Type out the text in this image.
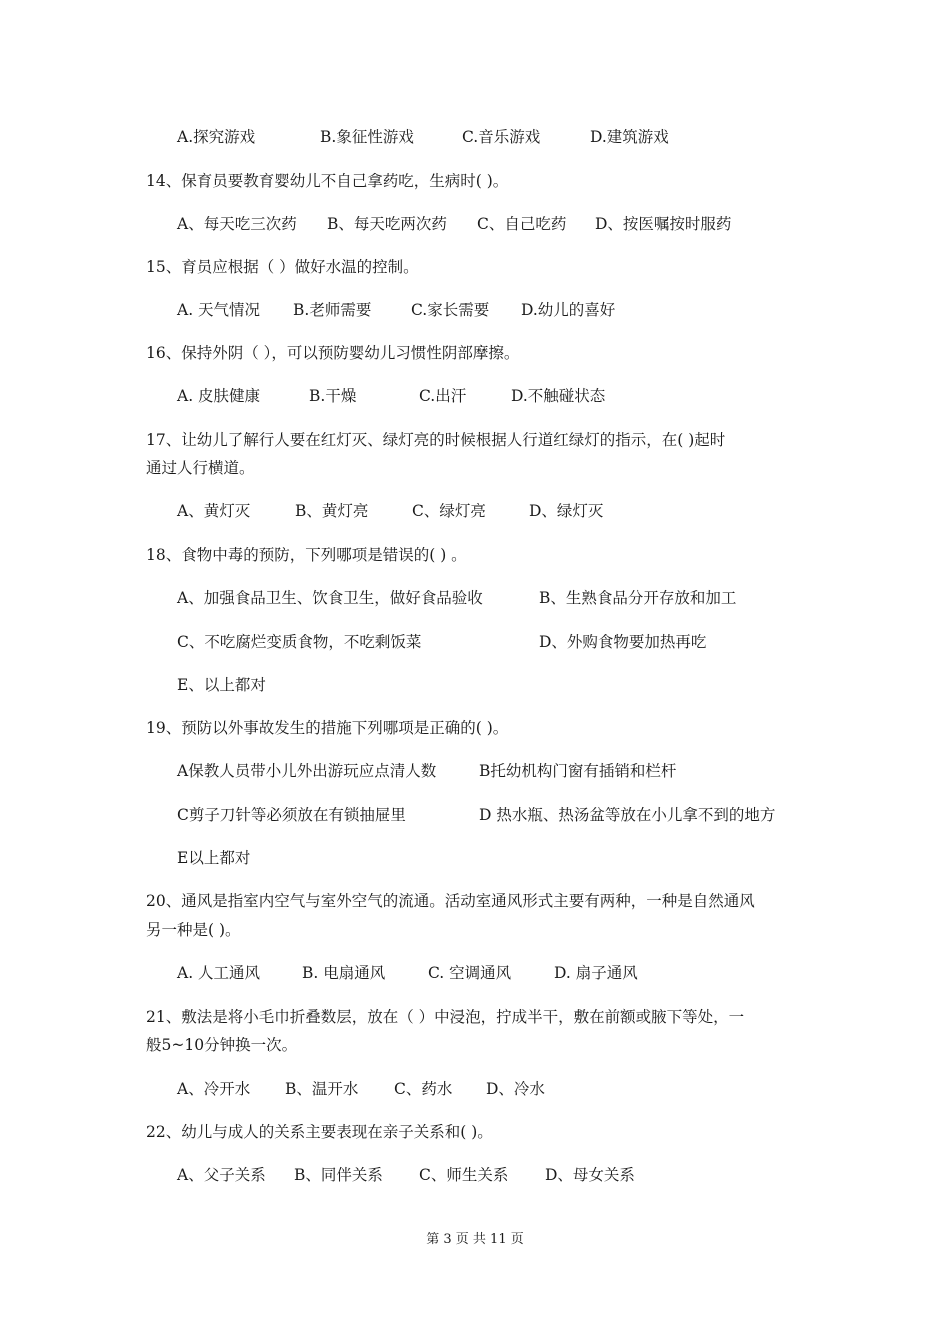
A.探究游戏	B.象征性游戏	C.音乐游戏	D.建筑游戏
14、保育员要教育婴幼儿不自己拿药吃，生病时( )。
A、每天吃三次药 B、每天吃两次药 C、自己吃药 D、按医嘱按时服药
15、育员应根据（ ）做好水温的控制。
A. 天气情况 B.老师需要	C.家长需要 D.幼儿的喜好
16、保持外阴（ ），可以预防婴幼儿习惯性阴部摩擦。
A. 皮肤健康	B.干燥	C.出汗	D.不触碰状态
17、让幼儿了解行人要在红灯灭、绿灯亮的时候根据人行道红绿灯的指示，在( )起时
通过人行横道。
A、黄灯灭	B、黄灯亮	C、绿灯亮	D、绿灯灭
18、食物中毒的预防，下列哪项是错误的( ) 。
A、加强食品卫生、饮食卫生，做好食品验收	B、生熟食品分开存放和加工
C、不吃腐烂变质食物，不吃剩饭菜	D、外购食物要加热再吃
E、以上都对
19、预防以外事故发生的措施下列哪项是正确的( )。
A保教人员带小儿外出游玩应点清人数	B托幼机构门窗有插销和栏杆
C剪子刀针等必须放在有锁抽屉里	D 热水瓶、热汤盆等放在小儿拿不到的地方
E以上都对
20、通风是指室内空气与室外空气的流通。活动室通风形式主要有两种，一种是自然通风
另一种是( )。
A. 人工通风	B. 电扇通风	C. 空调通风	D. 扇子通风
21、敷法是将小毛巾折叠数层，放在（ ）中浸泡，拧成半干，敷在前额或腋下等处，一
般5~10分钟换一次。
A、冷开水 B、温开水 C、药水 D、冷水
22、幼儿与成人的关系主要表现在亲子关系和( )。
A、父子关系 B、同伴关系 C、师生关系 D、母女关系
第 3 页 共 11 页
